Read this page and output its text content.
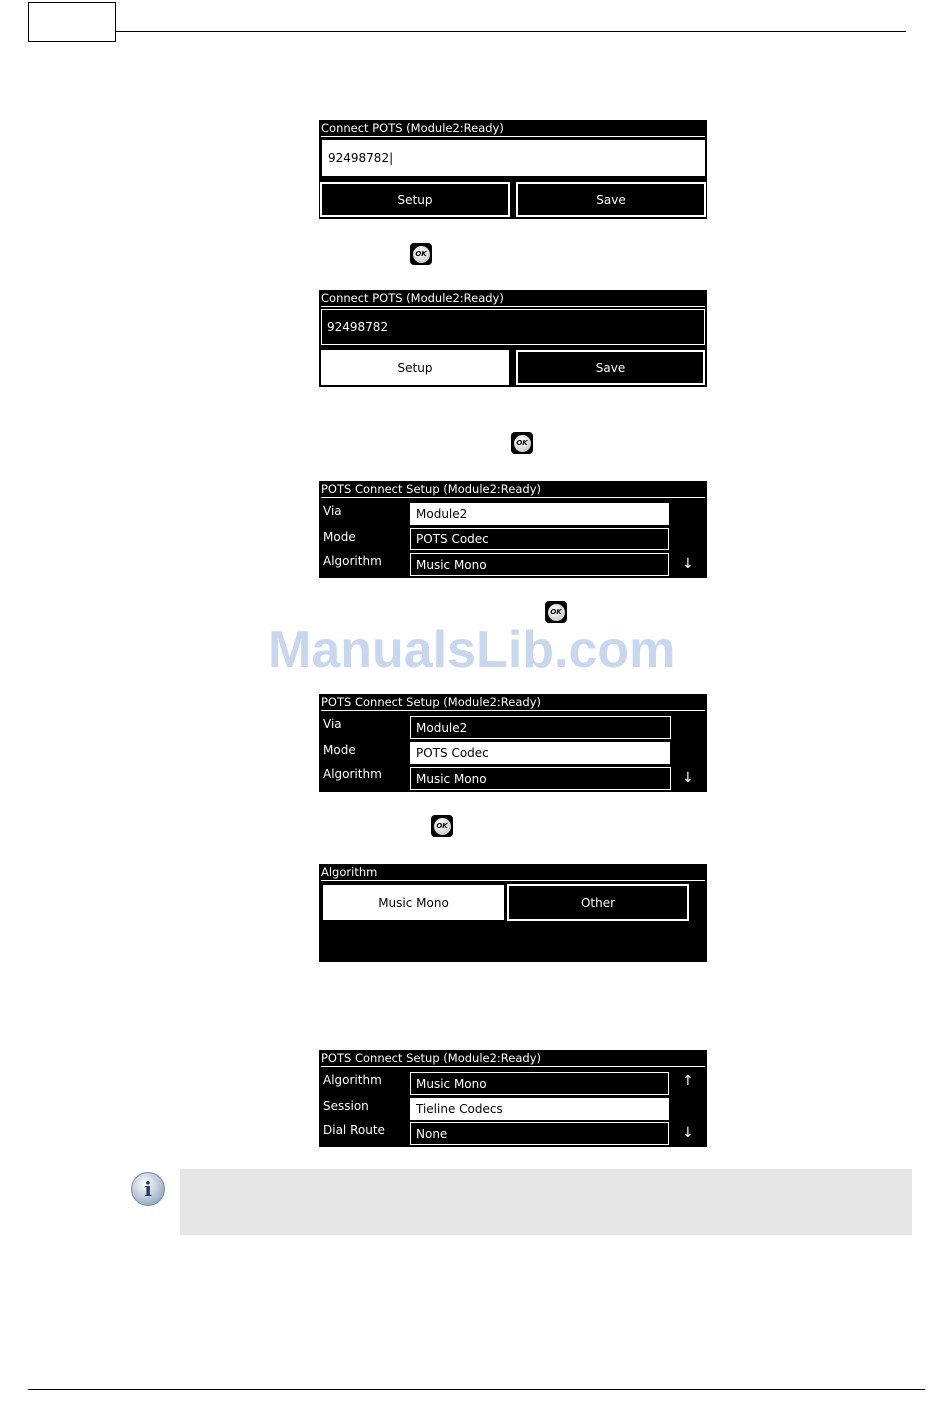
Connect POTS (Module2:Ready)
92498782|
Setup	Save
OK
Connect POTS (Module2:Ready)
92498782
Setup	Save
OK
POTS Connect Setup (Module2:Ready)
Via	Module2
Mode	POTS Codec
Algorithm	Music Mono	↓
OK
ManualsLib.com
POTS Connect Setup (Module2:Ready)
Via	Module2
Mode	POTS Codec
Algorithm	Music Mono	↓
OK
Algorithm
Music Mono	Other
POTS Connect Setup (Module2:Ready)
Algorithm	Music Mono	↑
Session	Tieline Codecs
Dial Route	None	↓
i
